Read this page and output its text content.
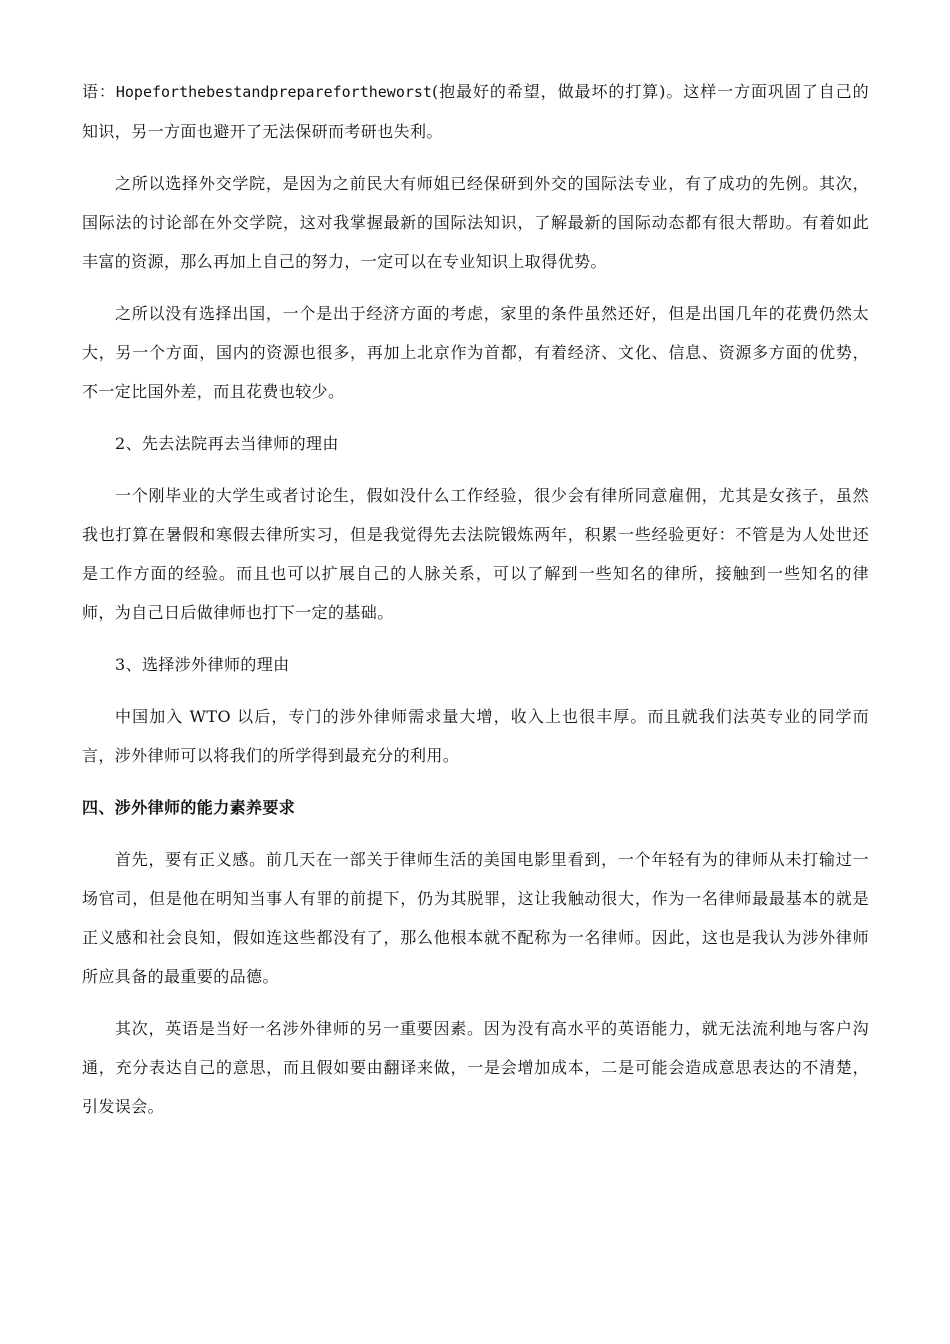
语：Hopeforthebestandpreparefortheworst(抱最好的希望，做最坏的打算)。这样一方面巩固了自己的知识，另一方面也避开了无法保研而考研也失利。

之所以选择外交学院，是因为之前民大有师姐已经保研到外交的国际法专业，有了成功的先例。其次，国际法的讨论部在外交学院，这对我掌握最新的国际法知识，了解最新的国际动态都有很大帮助。有着如此丰富的资源，那么再加上自己的努力，一定可以在专业知识上取得优势。

之所以没有选择出国，一个是出于经济方面的考虑，家里的条件虽然还好，但是出国几年的花费仍然太大，另一个方面，国内的资源也很多，再加上北京作为首都，有着经济、文化、信息、资源多方面的优势，不一定比国外差，而且花费也较少。

2、先去法院再去当律师的理由

一个刚毕业的大学生或者讨论生，假如没什么工作经验，很少会有律所同意雇佣，尤其是女孩子，虽然我也打算在暑假和寒假去律所实习，但是我觉得先去法院锻炼两年，积累一些经验更好：不管是为人处世还是工作方面的经验。而且也可以扩展自己的人脉关系，可以了解到一些知名的律所，接触到一些知名的律师，为自己日后做律师也打下一定的基础。

3、选择涉外律师的理由

中国加入 WTO 以后，专门的涉外律师需求量大增，收入上也很丰厚。而且就我们法英专业的同学而言，涉外律师可以将我们的所学得到最充分的利用。

四、涉外律师的能力素养要求

首先，要有正义感。前几天在一部关于律师生活的美国电影里看到，一个年轻有为的律师从未打输过一场官司，但是他在明知当事人有罪的前提下，仍为其脱罪，这让我触动很大，作为一名律师最最基本的就是正义感和社会良知，假如连这些都没有了，那么他根本就不配称为一名律师。因此，这也是我认为涉外律师所应具备的最重要的品德。

其次，英语是当好一名涉外律师的另一重要因素。因为没有高水平的英语能力，就无法流利地与客户沟通，充分表达自己的意思，而且假如要由翻译来做，一是会增加成本，二是可能会造成意思表达的不清楚，引发误会。
